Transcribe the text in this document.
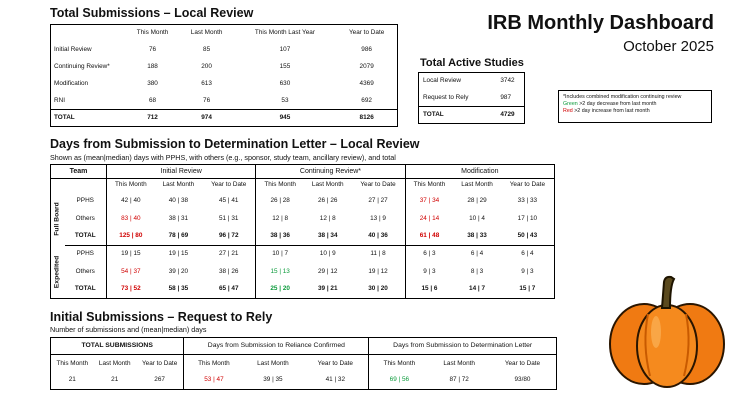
Total Submissions – Local Review	IRB Monthly Dashboard
October 2025
	This Month	Last Month	This Month Last Year	Year to Date
Initial Review	76	85	107	986
Continuing Review*	188	200	155	2079
Modification	380	613	630	4369
RNI	68	76	53	692
TOTAL	712	974	945	8126
Total Active Studies
Local Review	3742
Request to Rely	987
TOTAL	4729
*Includes combined modification continuing review
Green >2 day decrease from last month
Red >2 day increase from last month
Days from Submission to Determination Letter – Local Review
Shown as (mean|median) days with PPHS, with others (e.g., sponsor, study team, ancillary review), and total
Team		Initial Review			Continuing Review*			Modification		
		This Month	Last Month	Year to Date	This Month	Last Month	Year to Date	This Month	Last Month	Year to Date

Full Board	PPHS	42 | 40	40 | 38	45 | 41	26 | 28	26 | 26	27 | 27	37 | 34	28 | 29	33 | 33
	Others	83 | 40	38 | 31	51 | 31	12 | 8	12 | 8	13 | 9	24 | 14	10 | 4	17 | 10
	TOTAL	125 | 80	78 | 69	96 | 72	38 | 36	38 | 34	40 | 36	61 | 48	38 | 33	50 | 43

Expedited	PPHS	19 | 15	19 | 15	27 | 21	10 | 7	10 | 9	11 | 8	6 | 3	6 | 4	6 | 4
	Others	54 | 37	39 | 20	38 | 26	15 | 13	29 | 12	19 | 12	9 | 3	8 | 3	9 | 3
	TOTAL	73 | 52	58 | 35	65 | 47	25 | 20	39 | 21	30 | 20	15 | 6	14 | 7	15 | 7
Initial Submissions – Request to Rely
Number of submissions and (mean|median) days
TOTAL SUBMISSIONS			Days from Submission to Reliance Confirmed			Days from Submission to Determination Letter		
This Month	Last Month	Year to Date	This Month	Last Month	Year to Date	This Month	Last Month	Year to Date
21	21	267	53 | 47	39 | 35	41 | 32	69 | 56	87 | 72	93/80
